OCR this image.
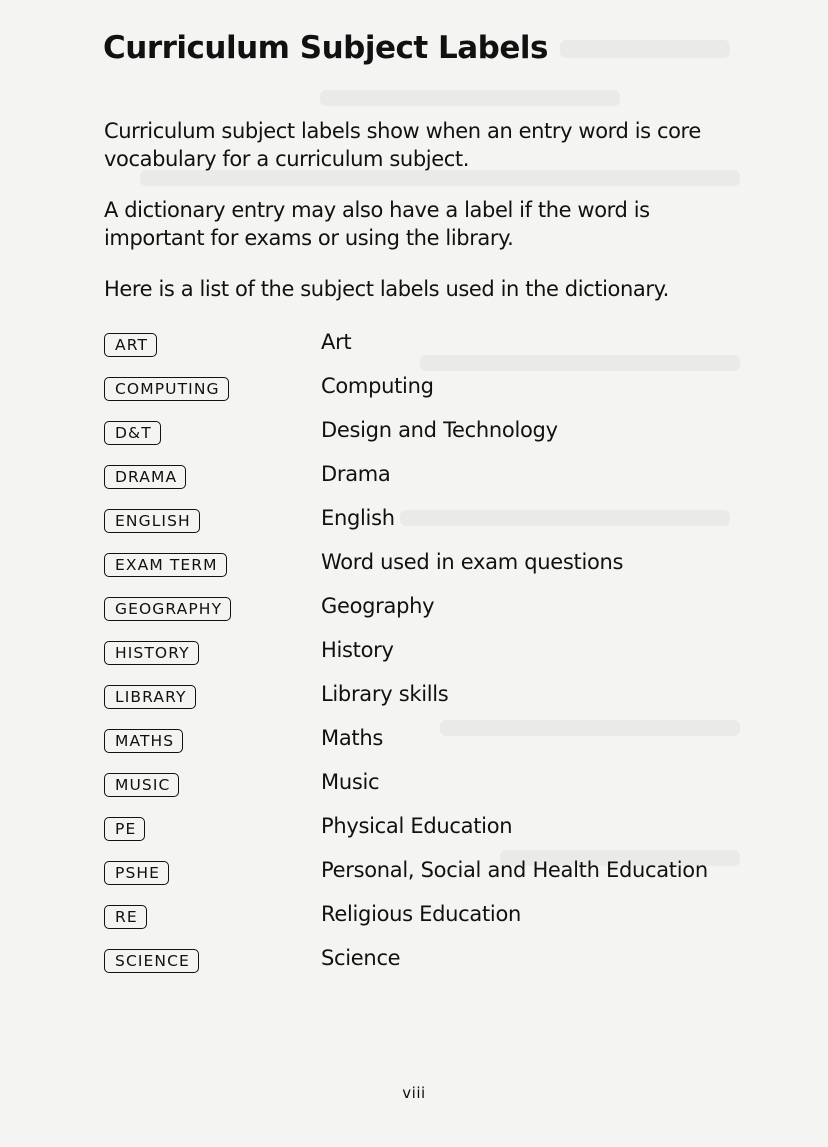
Curriculum Subject Labels

Curriculum subject labels show when an entry word is core vocabulary for a curriculum subject.

A dictionary entry may also have a label if the word is important for exams or using the library.

Here is a list of the subject labels used in the dictionary.

ART	Art
COMPUTING	Computing
D&T	Design and Technology
DRAMA	Drama
ENGLISH	English
EXAM TERM	Word used in exam questions
GEOGRAPHY	Geography
HISTORY	History
LIBRARY	Library skills
MATHS	Maths
MUSIC	Music
PE	Physical Education
PSHE	Personal, Social and Health Education
RE	Religious Education
SCIENCE	Science
viii
